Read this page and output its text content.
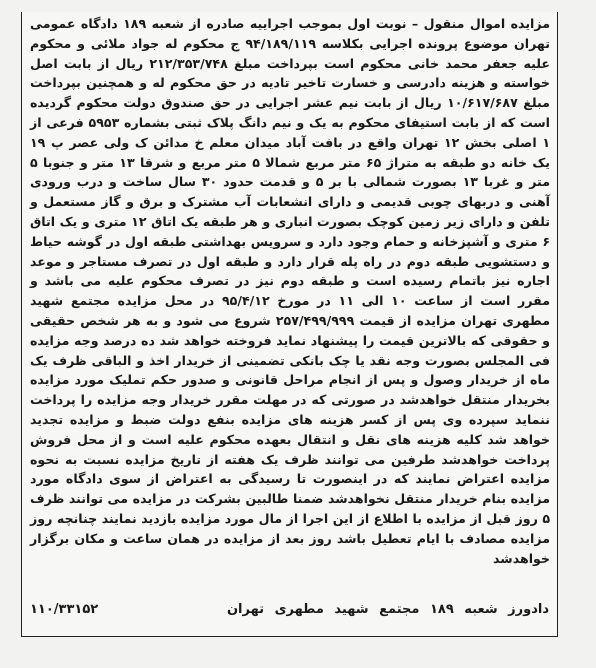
مزایده اموال منقول – نوبت اول بموجب اجراییه صادره از شعبه ۱۸۹ دادگاه عمومی تهران موضوع پرونده اجرایی بکلاسه ۹۴/۱۸۹/۱۱۹ ج محکوم له جواد ملائی و محکوم علیه جعفر محمد خانی محکوم است بپرداخت مبلغ ۲۱۲/۳۵۳/۷۴۸ ریال از بابت اصل خواسته و هزینه دادرسی و خسارت تاخیر تادیه در حق محکوم له و همچنین بپرداخت مبلغ ۱۰/۶۱۷/۶۸۷ ریال از بابت نیم عشر اجرایی در حق صندوق دولت محکوم گردیده است که از بابت استیفای محکوم به یک و نیم دانگ پلاک ثبتی بشماره ۵۹۵۳ فرعی از ۱ اصلی بخش ۱۲ تهران واقع در بافت آباد میدان معلم خ مدائن ک ولی عصر پ ۱۹ یک خانه دو طبقه به متراژ ۶۵ متر مربع شمالا ۵ متر مربع و شرقا ۱۳ متر و جنوبا ۵ متر و غربا ۱۳ بصورت شمالی با بر ۵ و قدمت حدود ۳۰ سال ساخت و درب ورودی آهنی و دربهای چوبی قدیمی و دارای انشعابات آب مشترک و برق و گاز مستعمل و تلفن و دارای زیر زمین کوچک بصورت انباری و هر طبقه یک اتاق ۱۲ متری و یک اتاق ۶ متری و آشپزخانه و حمام وجود دارد و سرویس بهداشتی طبقه اول در گوشه حیاط و دستشویی طبقه دوم در راه پله قرار دارد و طبقه اول در تصرف مستاجر و موعد اجاره نیز باتمام رسیده است و طبقه دوم نیز در تصرف محکوم علیه می باشد و مقرر است از ساعت ۱۰ الی ۱۱ در مورخ ۹۵/۴/۱۲ در محل مزایده مجتمع شهید مطهری تهران مزایده از قیمت ۲۵۷/۴۹۹/۹۹۹ شروع می شود و به هر شخص حقیقی و حقوقی که بالاترین قیمت را پیشنهاد نماید فروخته خواهد شد ده درصد وجه مزایده فی المجلس بصورت وجه نقد یا چک بانکی تضمینی از خریدار اخذ و الباقی ظرف یک ماه از خریدار وصول و پس از انجام مراحل قانونی و صدور حکم تملیک مورد مزایده بخریدار منتقل خواهدشد در صورتی که در مهلت مقرر خریدار وجه مزایده را پرداخت ننماید سپرده وی پس از کسر هزینه های مزایده بنفع دولت ضبط و مزایده تجدید خواهد شد کلیه هزینه های نقل و انتقال بعهده محکوم علیه است و از محل فروش پرداخت خواهدشد طرفین می توانند ظرف یک هفته از تاریخ مزایده نسبت به نحوه مزایده اعتراض نمایند که در اینصورت تا رسیدگی به اعتراض از سوی دادگاه مورد مزایده بنام خریدار منتقل نخواهدشد ضمنا طالبین بشرکت در مزایده می توانند ظرف ۵ روز قبل از مزایده با اطلاع از این اجرا از مال مورد مزایده بازدید نمایند چنانچه روز مزایده مصادف با ایام تعطیل باشد روز بعد از مزایده در همان ساعت و مکان برگزار خواهدشد

دادورز شعبه ۱۸۹ مجتمع شهید مطهری تهران
۱۱۰/۳۳۱۵۲
